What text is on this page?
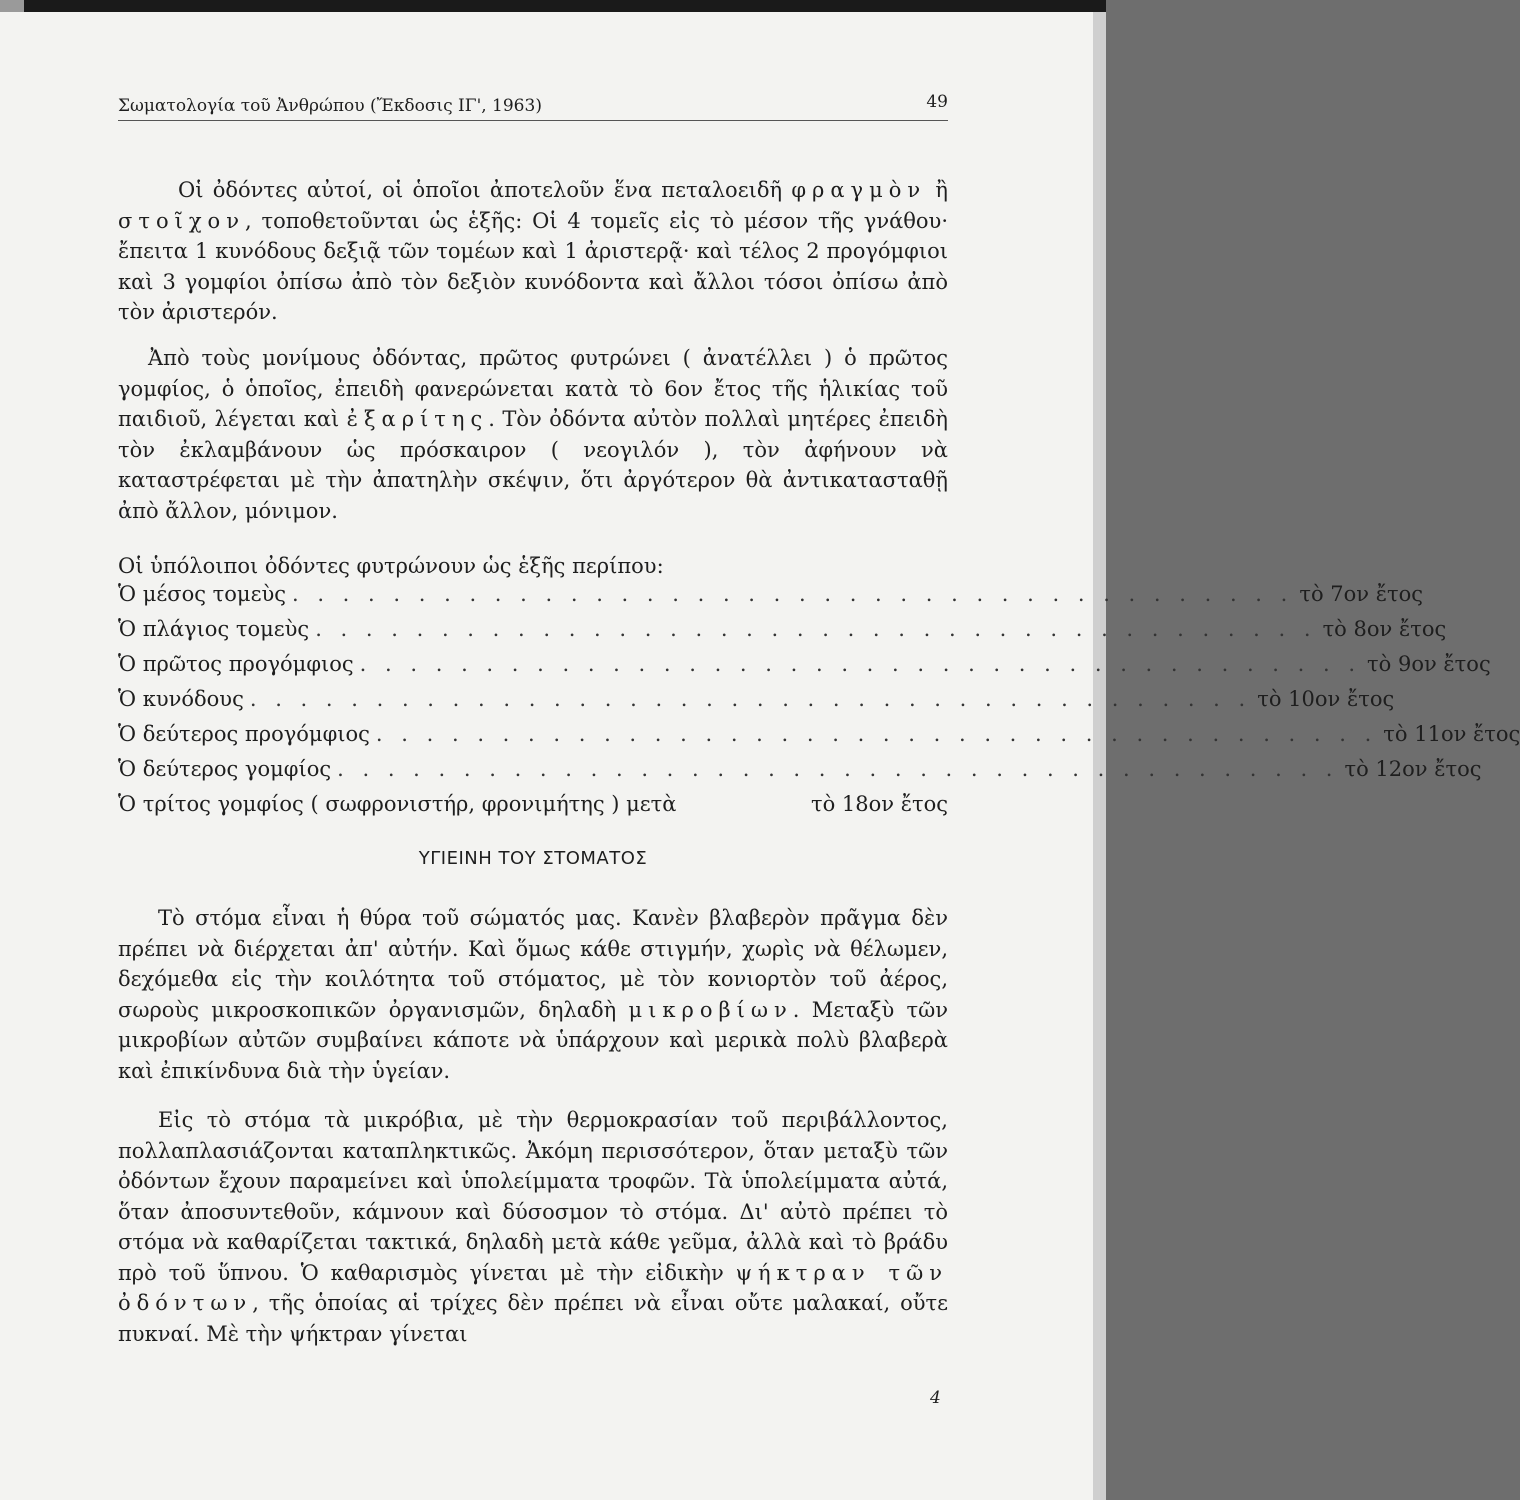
Σωματολογία τοῦ Ἀνθρώπου (Ἔκδοσις ΙΓ', 1963)	49
Οἱ ὀδόντες αὐτοί, οἱ ὁποῖοι ἀποτελοῦν ἕνα πεταλοειδῆ φραγμὸν ἢ στοῖχον, τοποθετοῦνται ὡς ἑξῆς: Οἱ 4 τομεῖς εἰς τὸ μέσον τῆς γνάθου· ἔπειτα 1 κυνόδους δεξιᾷ τῶν τομέων καὶ 1 ἀριστερᾷ· καὶ τέλος 2 προγόμφιοι καὶ 3 γομφίοι ὀπίσω ἀπὸ τὸν δεξιὸν κυνόδοντα καὶ ἄλλοι τόσοι ὀπίσω ἀπὸ τὸν ἀριστερόν.
Ἀπὸ τοὺς μονίμους ὀδόντας, πρῶτος φυτρώνει ( ἀνατέλλει ) ὁ πρῶτος γομφίος, ὁ ὁποῖος, ἐπειδὴ φανερώνεται κατὰ τὸ 6ον ἔτος τῆς ἡλικίας τοῦ παιδιοῦ, λέγεται καὶ ἐξαρίτης. Τὸν ὀδόντα αὐτὸν πολλαὶ μητέρες ἐπειδὴ τὸν ἐκλαμβάνουν ὡς πρόσκαιρον ( νεογιλόν ), τὸν ἀφήνουν νὰ καταστρέφεται μὲ τὴν ἀπατηλὴν σκέψιν, ὅτι ἀργότερον θὰ ἀντικατασταθῇ ἀπὸ ἄλλον, μόνιμον.
Οἱ ὑπόλοιποι ὀδόντες φυτρώνουν ὡς ἑξῆς περίπου:
Ὁ μέσος τομεὺς . . . . . . . . . . . . . . . . . . . . . . . . . . . . . . . . . . . . . . . . τὸ 7ον ἔτος
Ὁ πλάγιος τομεὺς . . . . . . . . . . . . . . . . . . . . . . . . . . . . . . . . . . . . . . . . τὸ 8ον ἔτος
Ὁ πρῶτος προγόμφιος . . . . . . . . . . . . . . . . . . . . . . . . . . . . . . . . . . . . . . . . τὸ 9ον ἔτος
Ὁ κυνόδους . . . . . . . . . . . . . . . . . . . . . . . . . . . . . . . . . . . . . . . . τὸ 10ον ἔτος
Ὁ δεύτερος προγόμφιος . . . . . . . . . . . . . . . . . . . . . . . . . . . . . . . . . . . . . . . . τὸ 11ον ἔτος
Ὁ δεύτερος γομφίος . . . . . . . . . . . . . . . . . . . . . . . . . . . . . . . . . . . . . . . . τὸ 12ον ἔτος
Ὁ τρίτος γομφίος ( σωφρονιστήρ, φρονιμήτης ) μετὰ	τὸ 18ον ἔτος
ΥΓΙΕΙΝΗ ΤΟΥ ΣΤΟΜΑΤΟΣ
Τὸ στόμα εἶναι ἡ θύρα τοῦ σώματός μας. Κανὲν βλαβερὸν πρᾶγμα δὲν πρέπει νὰ διέρχεται ἀπ' αὐτήν. Καὶ ὅμως κάθε στιγμήν, χωρὶς νὰ θέλωμεν, δεχόμεθα εἰς τὴν κοιλότητα τοῦ στόματος, μὲ τὸν κονιορτὸν τοῦ ἀέρος, σωροὺς μικροσκοπικῶν ὀργανισμῶν, δηλαδὴ μικροβίων. Μεταξὺ τῶν μικροβίων αὐτῶν συμβαίνει κάποτε νὰ ὑπάρχουν καὶ μερικὰ πολὺ βλαβερὰ καὶ ἐπικίνδυνα διὰ τὴν ὑγείαν.
Εἰς τὸ στόμα τὰ μικρόβια, μὲ τὴν θερμοκρασίαν τοῦ περιβάλλοντος, πολλαπλασιάζονται καταπληκτικῶς. Ἀκόμη περισσότερον, ὅταν μεταξὺ τῶν ὀδόντων ἔχουν παραμείνει καὶ ὑπολείμματα τροφῶν. Τὰ ὑπολείμματα αὐτά, ὅταν ἀποσυντεθοῦν, κάμνουν καὶ δύσοσμον τὸ στόμα. Δι' αὐτὸ πρέπει τὸ στόμα νὰ καθαρίζεται τακτικά, δηλαδὴ μετὰ κάθε γεῦμα, ἀλλὰ καὶ τὸ βράδυ πρὸ τοῦ ὕπνου. Ὁ καθαρισμὸς γίνεται μὲ τὴν εἰδικὴν ψήκτραν τῶν ὀδόντων, τῆς ὁποίας αἱ τρίχες δὲν πρέπει νὰ εἶναι οὔτε μαλακαί, οὔτε πυκναί. Μὲ τὴν ψήκτραν γίνεται
4
